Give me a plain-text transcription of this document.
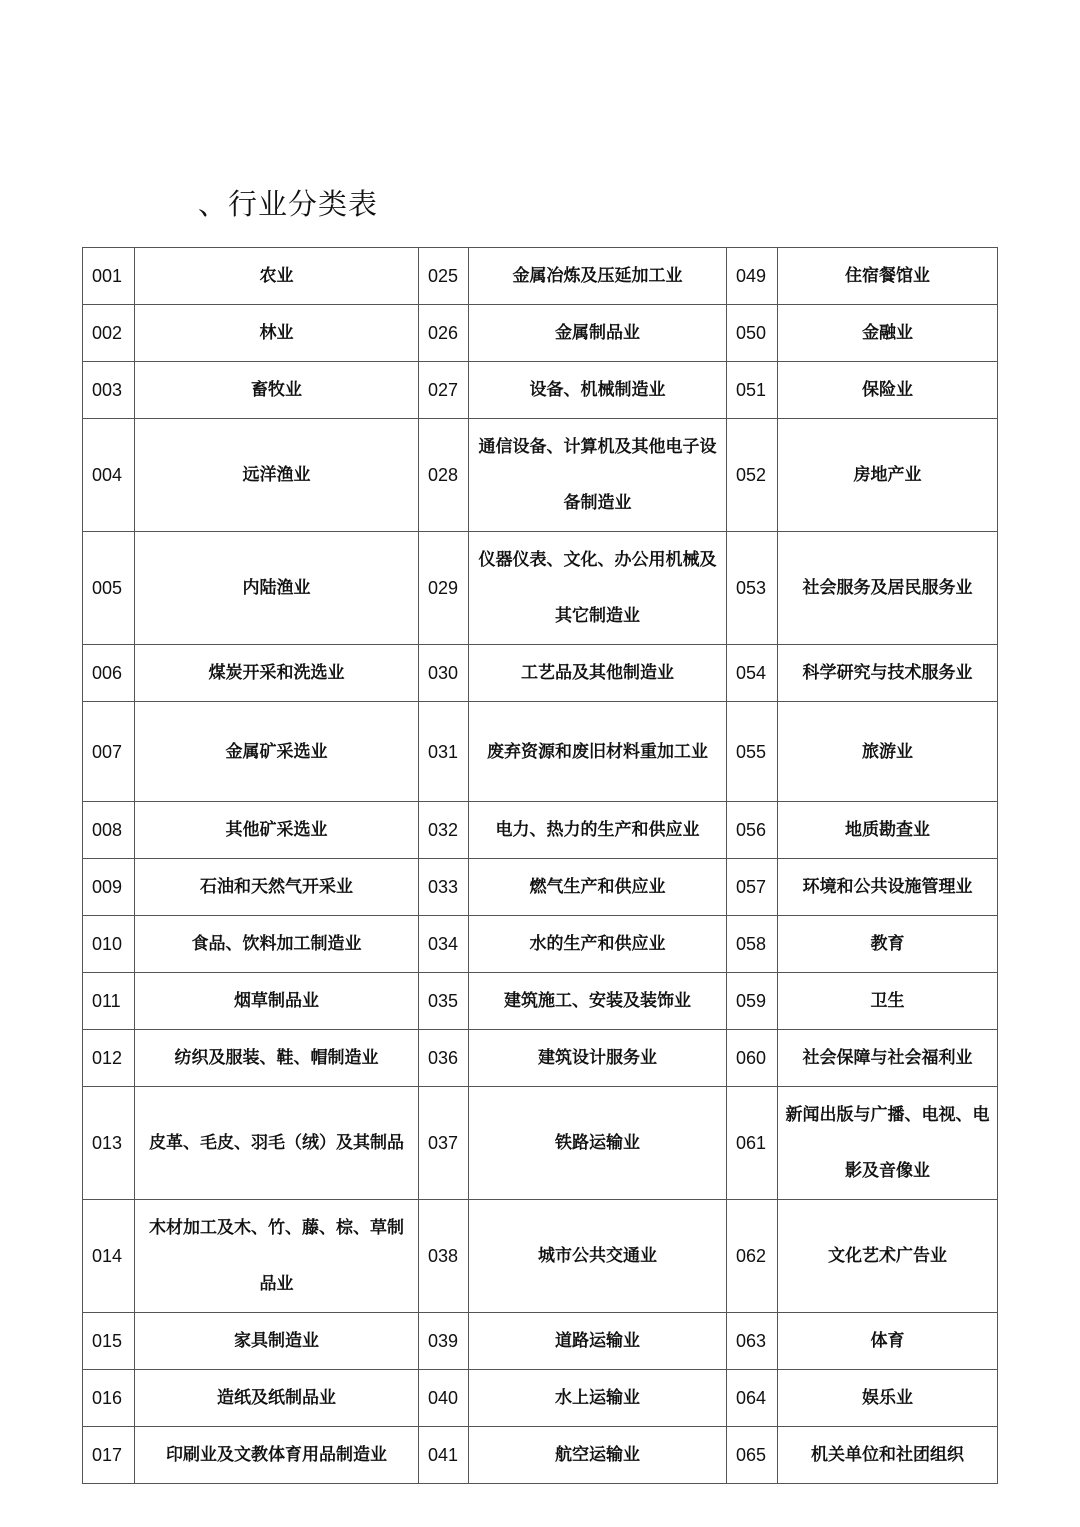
、行业分类表
001	农业	025	金属冶炼及压延加工业	049	住宿餐馆业
002	林业	026	金属制品业	050	金融业
003	畜牧业	027	设备、机械制造业	051	保险业
004	远洋渔业	028	通信设备、计算机及其他电子设备制造业	052	房地产业
005	内陆渔业	029	仪器仪表、文化、办公用机械及其它制造业	053	社会服务及居民服务业
006	煤炭开采和洗选业	030	工艺品及其他制造业	054	科学研究与技术服务业
007	金属矿采选业	031	废弃资源和废旧材料重加工业	055	旅游业
008	其他矿采选业	032	电力、热力的生产和供应业	056	地质勘查业
009	石油和天然气开采业	033	燃气生产和供应业	057	环境和公共设施管理业
010	食品、饮料加工制造业	034	水的生产和供应业	058	教育
011	烟草制品业	035	建筑施工、安装及装饰业	059	卫生
012	纺织及服装、鞋、帽制造业	036	建筑设计服务业	060	社会保障与社会福利业
013	皮革、毛皮、羽毛（绒）及其制品	037	铁路运输业	061	新闻出版与广播、电视、电影及音像业
014	木材加工及木、竹、藤、棕、草制品业	038	城市公共交通业	062	文化艺术广告业
015	家具制造业	039	道路运输业	063	体育
016	造纸及纸制品业	040	水上运输业	064	娱乐业
017	印刷业及文教体育用品制造业	041	航空运输业	065	机关单位和社团组织
